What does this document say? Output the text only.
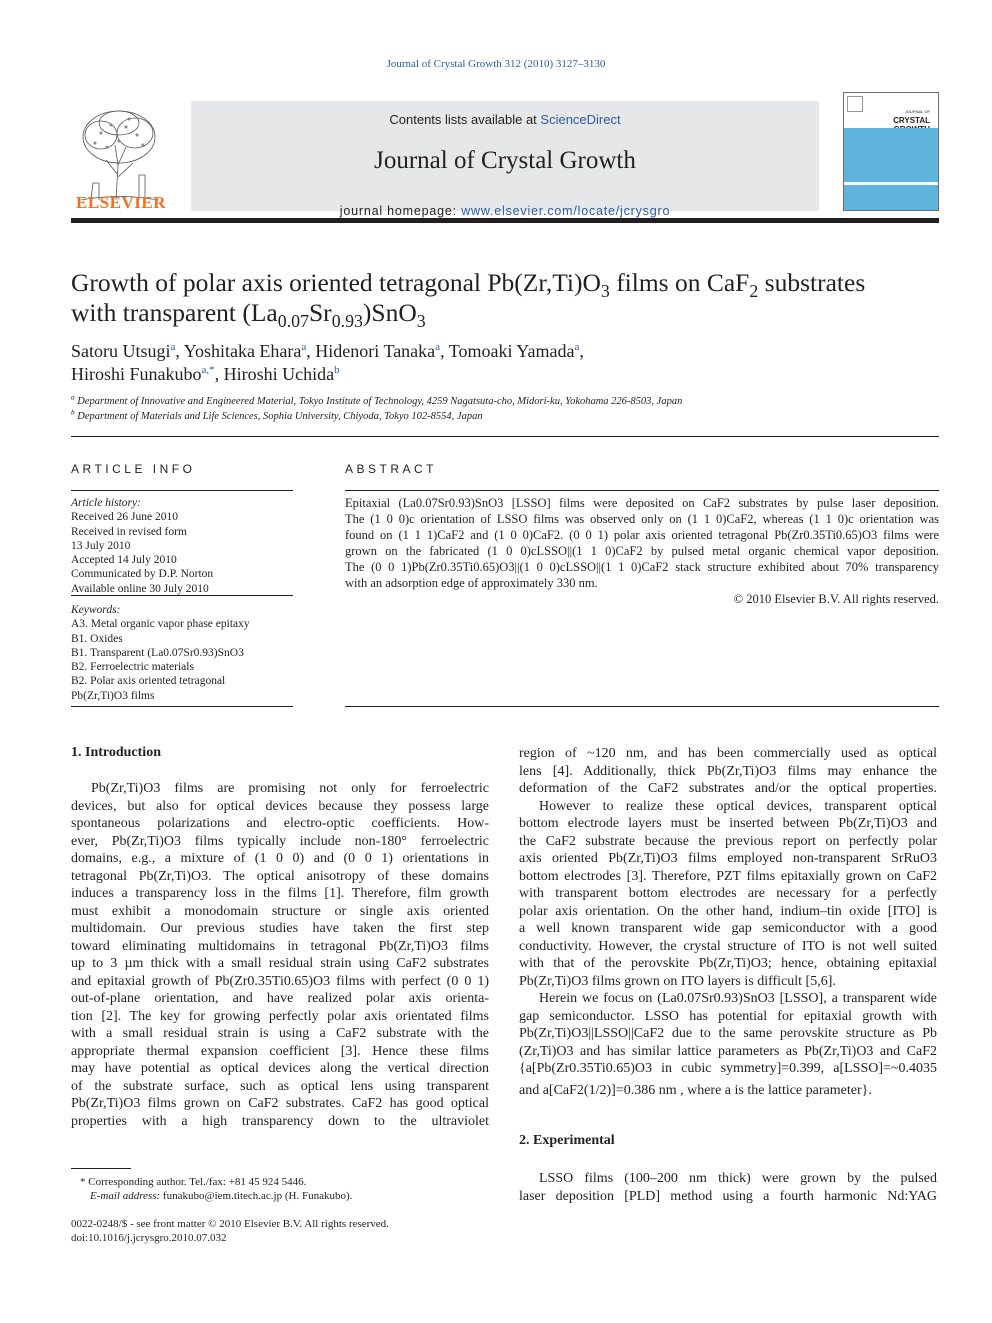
Journal of Crystal Growth 312 (2010) 3127–3130
ELSEVIER
Contents lists available at ScienceDirect
Journal of Crystal Growth
journal homepage: www.elsevier.com/locate/jcrysgro
JOURNAL OF
CRYSTAL
Growth of polar axis oriented tetragonal $Pb(Zr,Ti)O_3$ films on CaF$_2$ substrates
with transparent $(La_{0.07}Sr_{0.93})SnO_3$
Satoru Utsugi$^a$, Yoshitaka Ehara$^a$, Hidenori Tanaka$^a$, Tomoaki Yamada$^a$,
Hiroshi Funakubo$^{a,*}$, Hiroshi Uchida$^b$
$^a$ Department of Innovative and Engineered Material, Tokyo Institute of Technology, 4259 Nagatsuta-cho, Midori-ku, Yokohama 226-8503, Japan
$^b$ Department of Materials and Life Sciences, Sophia University, Chiyoda, Tokyo 102-8554, Japan
ARTICLE INFO
Article history:
Received 26 June 2010
Received in revised form
13 July 2010
Accepted 14 July 2010
Communicated by D.P. Norton
Available online 30 July 2010
Keywords:
A3. Metal organic vapor phase epitaxy
B1. Oxides
B1. Transparent (La0.07Sr0.93)SnO3
B2. Ferroelectric materials
B2. Polar axis oriented tetragonal
Pb(Zr,Ti)O3 films
ABSTRACT
Epitaxial (La0.07Sr0.93)SnO3 [LSSO] films were deposited on CaF2 substrates by pulse laser deposition.
The (1 0 0)c orientation of LSSO films was observed only on (1 1 0)CaF2, whereas (1 1 0)c orientation was
found on (1 1 1)CaF2 and (1 0 0)CaF2. (0 0 1) polar axis oriented tetragonal Pb(Zr0.35Ti0.65)O3 films were
grown on the fabricated (1 0 0)cLSSO||(1 1 0)CaF2 by pulsed metal organic chemical vapor deposition.
The (0 0 1)Pb(Zr0.35Ti0.65)O3||(1 0 0)cLSSO||(1 1 0)CaF2 stack structure exhibited about 70% transparency
with an adsorption edge of approximately 330 nm.
© 2010 Elsevier B.V. All rights reserved.
1. Introduction
Pb(Zr,Ti)O3 films are promising not only for ferroelectric
devices, but also for optical devices because they possess large
spontaneous polarizations and electro-optic coefficients. How-
ever, Pb(Zr,Ti)O3 films typically include non-180° ferroelectric
domains, e.g., a mixture of (1 0 0) and (0 0 1) orientations in
tetragonal Pb(Zr,Ti)O3. The optical anisotropy of these domains
induces a transparency loss in the films [1]. Therefore, film growth
must exhibit a monodomain structure or single axis oriented
multidomain. Our previous studies have taken the first step
toward eliminating multidomains in tetragonal Pb(Zr,Ti)O3 films
up to 3 µm thick with a small residual strain using CaF2 substrates
and epitaxial growth of Pb(Zr0.35Ti0.65)O3 films with perfect (0 0 1)
out-of-plane orientation, and have realized polar axis orienta-
tion [2]. The key for growing perfectly polar axis orientated films
with a small residual strain is using a CaF2 substrate with the
appropriate thermal expansion coefficient [3]. Hence these films
may have potential as optical devices along the vertical direction
of the substrate surface, such as optical lens using transparent
Pb(Zr,Ti)O3 films grown on CaF2 substrates. CaF2 has good optical
properties with a high transparency down to the ultraviolet
region of ~120 nm, and has been commercially used as optical
lens [4]. Additionally, thick Pb(Zr,Ti)O3 films may enhance the
deformation of the CaF2 substrates and/or the optical properties.
However to realize these optical devices, transparent optical
bottom electrode layers must be inserted between Pb(Zr,Ti)O3 and
the CaF2 substrate because the previous report on perfectly polar
axis oriented Pb(Zr,Ti)O3 films employed non-transparent SrRuO3
bottom electrodes [3]. Therefore, PZT films epitaxially grown on CaF2
with transparent bottom electrodes are necessary for a perfectly
polar axis orientation. On the other hand, indium–tin oxide [ITO] is
a well known transparent wide gap semiconductor with a good
conductivity. However, the crystal structure of ITO is not well suited
with that of the perovskite Pb(Zr,Ti)O3; hence, obtaining epitaxial
Pb(Zr,Ti)O3 films grown on ITO layers is difficult [5,6].
Herein we focus on (La0.07Sr0.93)SnO3 [LSSO], a transparent wide
gap semiconductor. LSSO has potential for epitaxial growth with
Pb(Zr,Ti)O3||LSSO||CaF2 due to the same perovskite structure as Pb
(Zr,Ti)O3 and has similar lattice parameters as Pb(Zr,Ti)O3 and CaF2
{a[Pb(Zr0.35Ti0.65)O3 in cubic symmetry]=0.399, a[LSSO]=~0.4035
and a[CaF2(1/2)]=0.386 nm , where a is the lattice parameter}.
2. Experimental
LSSO films (100–200 nm thick) were grown by the pulsed
laser deposition [PLD] method using a fourth harmonic Nd:YAG
* Corresponding author. Tel./fax: +81 45 924 5446.
E-mail address: funakubo@iem.titech.ac.jp (H. Funakubo).
0022-0248/$ - see front matter © 2010 Elsevier B.V. All rights reserved.
doi:10.1016/j.jcrysgro.2010.07.032
